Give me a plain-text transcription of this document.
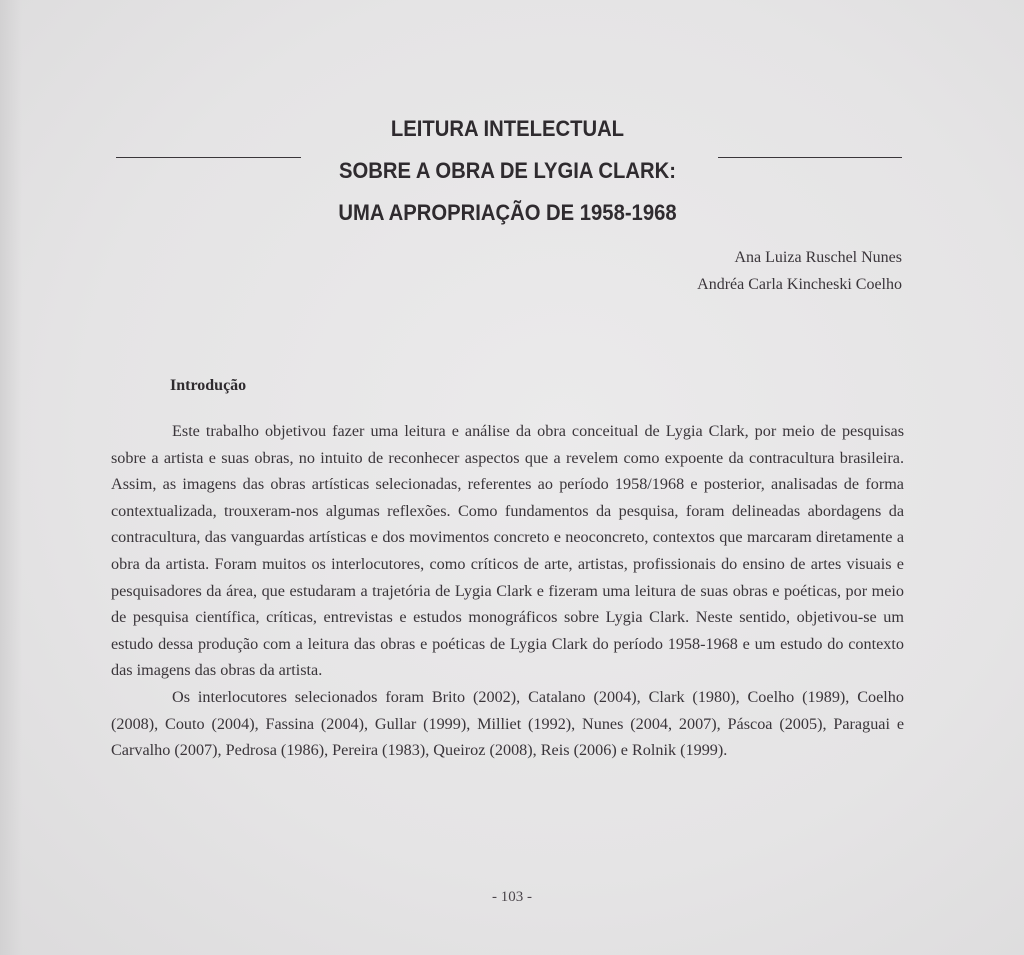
LEITURA INTELECTUAL
SOBRE A OBRA DE LYGIA CLARK:
UMA APROPRIAÇÃO DE 1958-1968
Ana Luiza Ruschel Nunes
Andréa Carla Kincheski Coelho
Introdução

Este trabalho objetivou fazer uma leitura e análise da obra conceitual de Lygia Clark, por meio de pesquisas sobre a artista e suas obras, no intuito de reconhecer aspectos que a revelem como expoente da contracultura brasileira. Assim, as imagens das obras artísticas selecionadas, referentes ao período 1958/1968 e posterior, analisadas de forma contextualizada, trouxeram-nos algumas reflexões. Como fundamentos da pesquisa, foram delineadas abordagens da contracultura, das vanguardas artísticas e dos movimentos concreto e neoconcreto, contextos que marcaram diretamente a obra da artista. Foram muitos os interlocutores, como críticos de arte, artistas, profissionais do ensino de artes visuais e pesquisadores da área, que estudaram a trajetória de Lygia Clark e fizeram uma leitura de suas obras e poéticas, por meio de pesquisa científica, críticas, entrevistas e estudos monográficos sobre Lygia Clark. Neste sentido, objetivou-se um estudo dessa produção com a leitura das obras e poéticas de Lygia Clark do período 1958-1968 e um estudo do contexto das imagens das obras da artista.

Os interlocutores selecionados foram Brito (2002), Catalano (2004), Clark (1980), Coelho (1989), Coelho (2008), Couto (2004), Fassina (2004), Gullar (1999), Milliet (1992), Nunes (2004, 2007), Páscoa (2005), Paraguai e Carvalho (2007), Pedrosa (1986), Pereira (1983), Queiroz (2008), Reis (2006) e Rolnik (1999).

- 103 -
